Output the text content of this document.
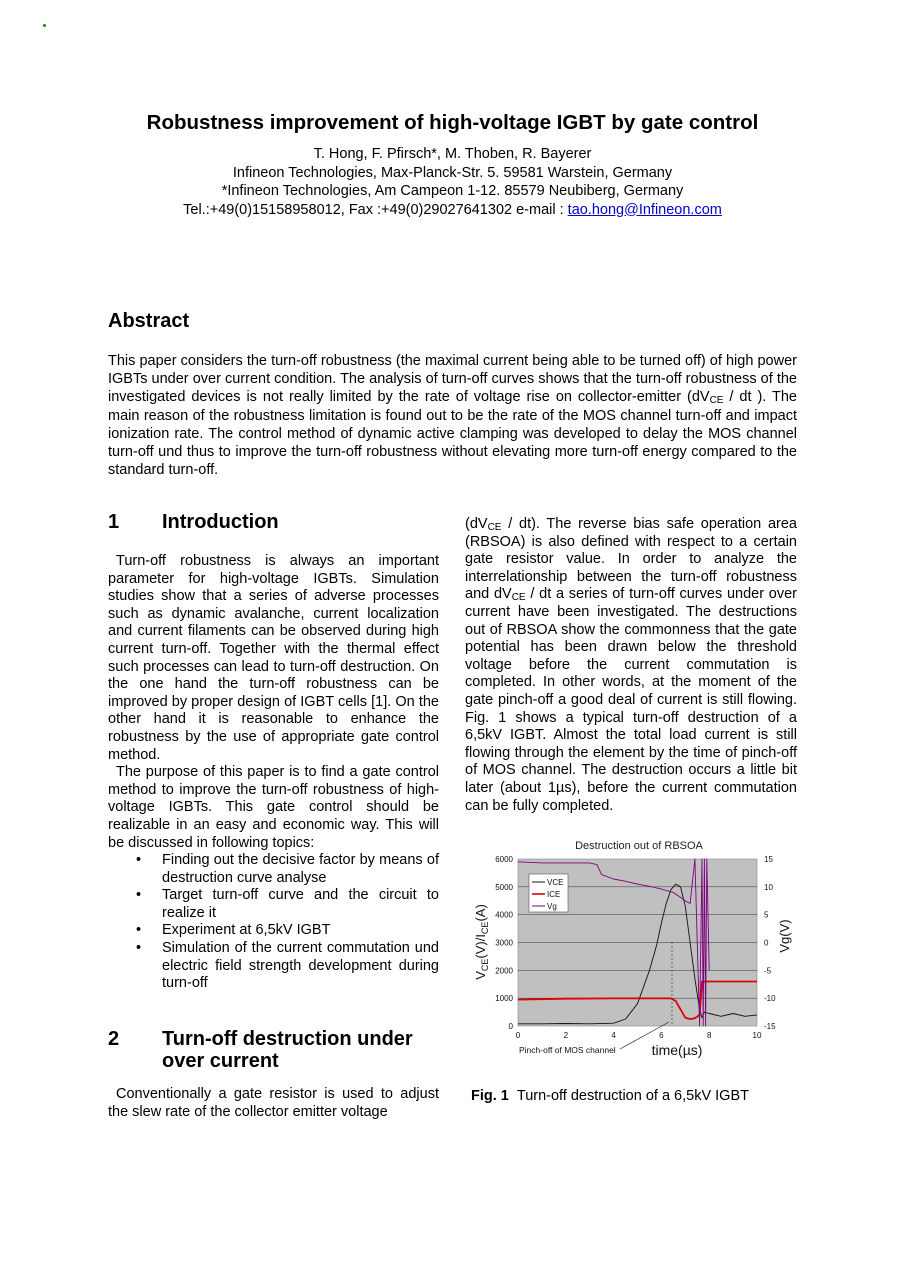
Robustness improvement of high-voltage IGBT by gate control
T. Hong, F. Pfirsch*, M. Thoben, R. Bayerer
Infineon Technologies, Max-Planck-Str. 5. 59581 Warstein, Germany
*Infineon Technologies, Am Campeon 1-12. 85579 Neubiberg, Germany
Tel.:+49(0)15158958012, Fax :+49(0)29027641302 e-mail : tao.hong@Infineon.com
Abstract
This paper considers the turn-off robustness (the maximal current being able to be turned off) of high power IGBTs under over current condition. The analysis of turn-off curves shows that the turn-off robustness of the investigated devices is not really limited by the rate of voltage rise on collector-emitter ($dV_{CE}$ / dt ). The main reason of the robustness limitation is found out to be the rate of the MOS channel turn-off and impact ionization rate. The control method of dynamic active clamping was developed to delay the MOS channel turn-off und thus to improve the turn-off robustness without elevating more turn-off energy compared to the standard turn-off.
1 Introduction

Turn-off robustness is always an important parameter for high-voltage IGBTs. Simulation studies show that a series of adverse processes such as dynamic avalanche, current localization and current filaments can be observed during high current turn-off. Together with the thermal effect such processes can lead to turn-off destruction. On the one hand the turn-off robustness can be improved by proper design of IGBT cells [1]. On the other hand it is reasonable to enhance the robustness by the use of appropriate gate control method.

The purpose of this paper is to find a gate control method to improve the turn-off robustness of high-voltage IGBTs. This gate control should be realizable in an easy and economic way. This will be discussed in following topics:

• Finding out the decisive factor by means of destruction curve analyse
• Target turn-off curve and the circuit to realize it
• Experiment at 6,5kV IGBT
• Simulation of the current commutation und electric field strength development during turn-off
2	Turn-off destruction under over current

Conventionally a gate resistor is used to adjust the slew rate of the collector emitter voltage

$(dV_{CE} / dt)$. The reverse bias safe operation area (RBSOA) is also defined with respect to a certain gate resistor value. In order to analyze the interrelationship between the turn-off robustness and $dV_{CE}$ / dt a series of turn-off curves under over current have been investigated. The destructions out of RBSOA show the commonness that the gate potential has been drawn below the threshold voltage before the current commutation is completed. In other words, at the moment of the gate pinch-off a good deal of current is still flowing. Fig. 1 shows a typical turn-off destruction of a 6,5kV IGBT. Almost the total load current is still flowing through the element by the time of pinch-off of MOS channel. The destruction occurs a little bit later (about 1µs), before the current commutation can be fully completed.

Destruction out of RBSOA
0
1000
2000
3000
4000
5000
6000
-15
-10
-5
0
5
10
15
0	2	4	6	8	10
VCE
ICE
Vg
Pinch-off of MOS channel	time(µs)
$V_{CE}(V)/I_{CE}(A)$
Vg(V)
Fig. 1 Turn-off destruction of a 6,5kV IGBT
